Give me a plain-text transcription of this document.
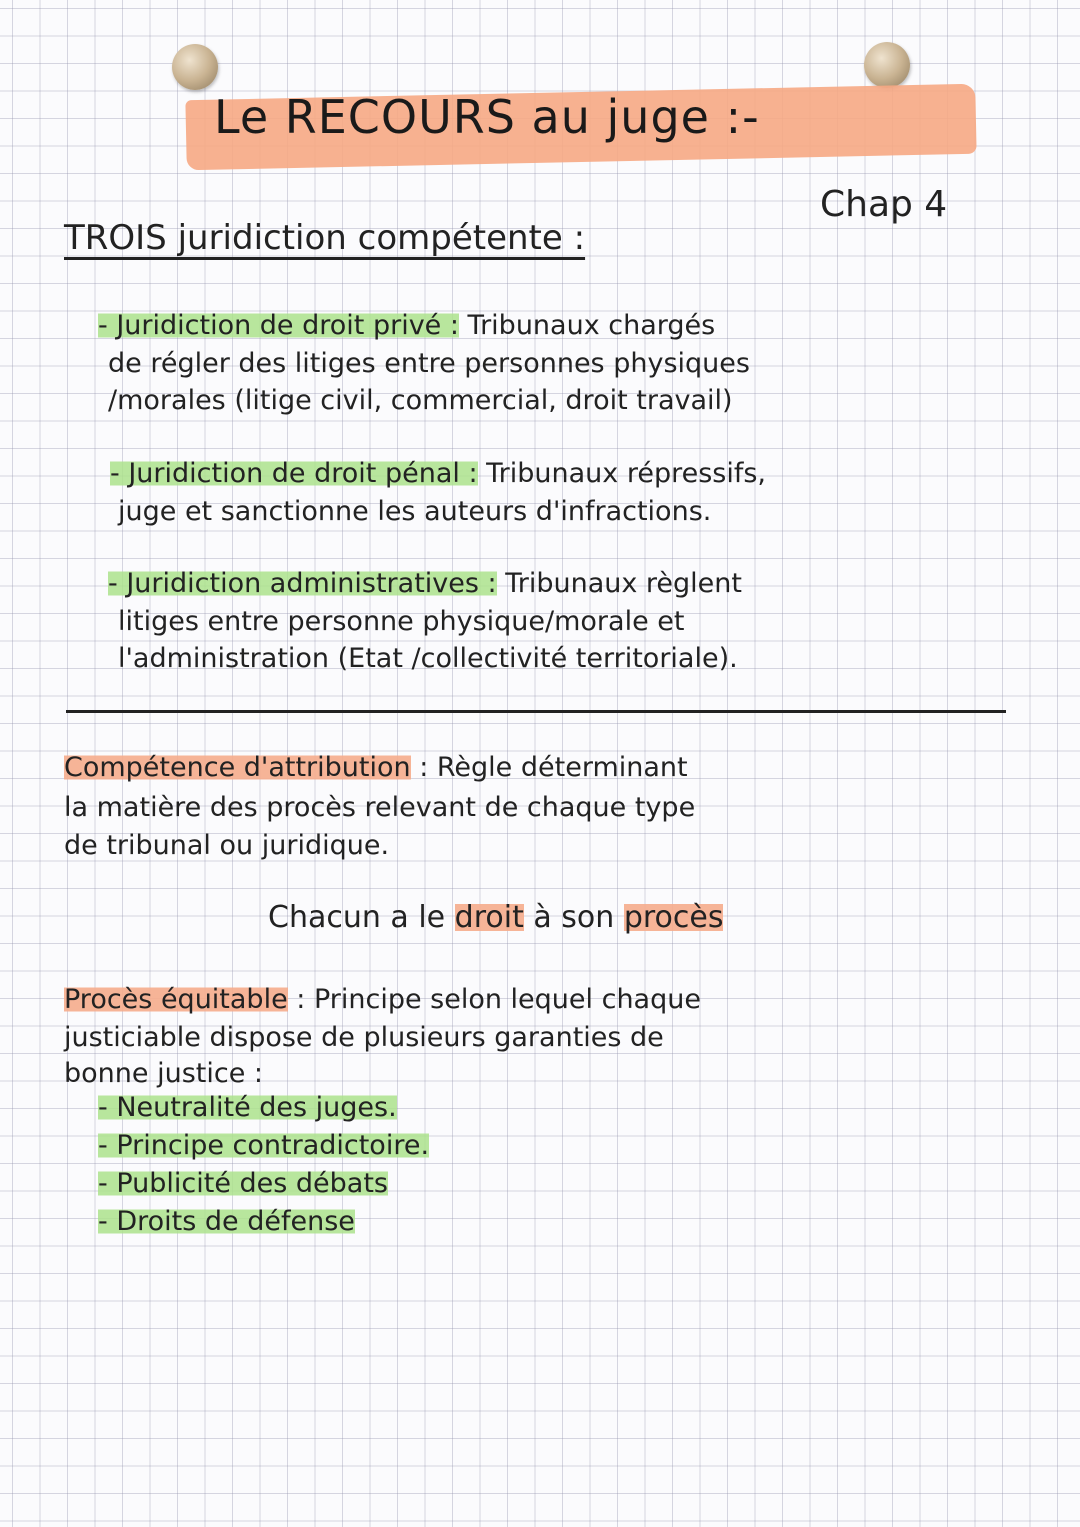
Le RECOURS au juge :-
Chap 4
TROIS juridiction compétente :
- Juridiction de droit privé : Tribunaux chargés
de régler des litiges entre personnes physiques
/morales (litige civil, commercial, droit travail)
- Juridiction de droit pénal : Tribunaux répressifs,
juge et sanctionne les auteurs d'infractions.
- Juridiction administratives : Tribunaux règlent
litiges entre personne physique/morale et
l'administration (Etat /collectivité territoriale).
Compétence d'attribution : Règle déterminant
la matière des procès relevant de chaque type
de tribunal ou juridique.
Chacun a le droit à son procès
Procès équitable : Principe selon lequel chaque
justiciable dispose de plusieurs garanties de
bonne justice :
- Neutralité des juges.
- Principe contradictoire.
- Publicité des débats
- Droits de défense
